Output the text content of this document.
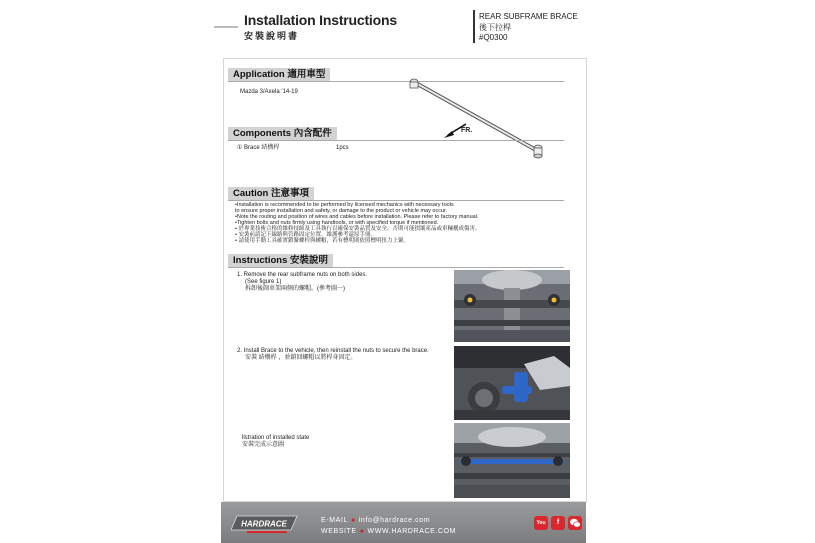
Installation Instructions
安裝說明書
REAR SUBFRAME BRACE
後下拉桿
#Q0300
Application 適用車型
Mazda 3/Axela '14-19
FR.
Components 內含配件
① Brace 結構桿	1pcs
Caution 注意事項
•Installation is recommended to be performed by licensed mechanics with necessary tools
to ensure proper installation and safety, or damage to the product or vehicle may occur.
•Note the routing and position of wires and cables before installation. Please refer to factory manual.
•Tighten bolts and nuts firmly using handtools, or with specified torque if mentioned.
• 於專業技術合格的維修技師及工具執行以確保安裝品質及安全，否則可能損壞產品或車輛構成傷害。
• 安裝前請記下線路與管路固定位置，維護參考還原手冊。
• 請使用手動工具確實鎖緊螺栓與螺帽，若有標明則依照標明扭力上緊。
Instructions 安裝說明
1. Remove the rear subframe nuts on both sides.
(See figure 1)
拆卸後副車架兩側的螺帽。(參考圖一)
2. Install Brace to the vehicle, then reinstall the nuts to secure the brace.
安裝 結構桿 ，並鎖回螺帽以將桿身固定。
llstration of installed state
安裝完成示意圖
HARDRACE	E-MAIL ● info@hardrace.com
WEBSITE ● WWW.HARDRACE.COM
You	f
